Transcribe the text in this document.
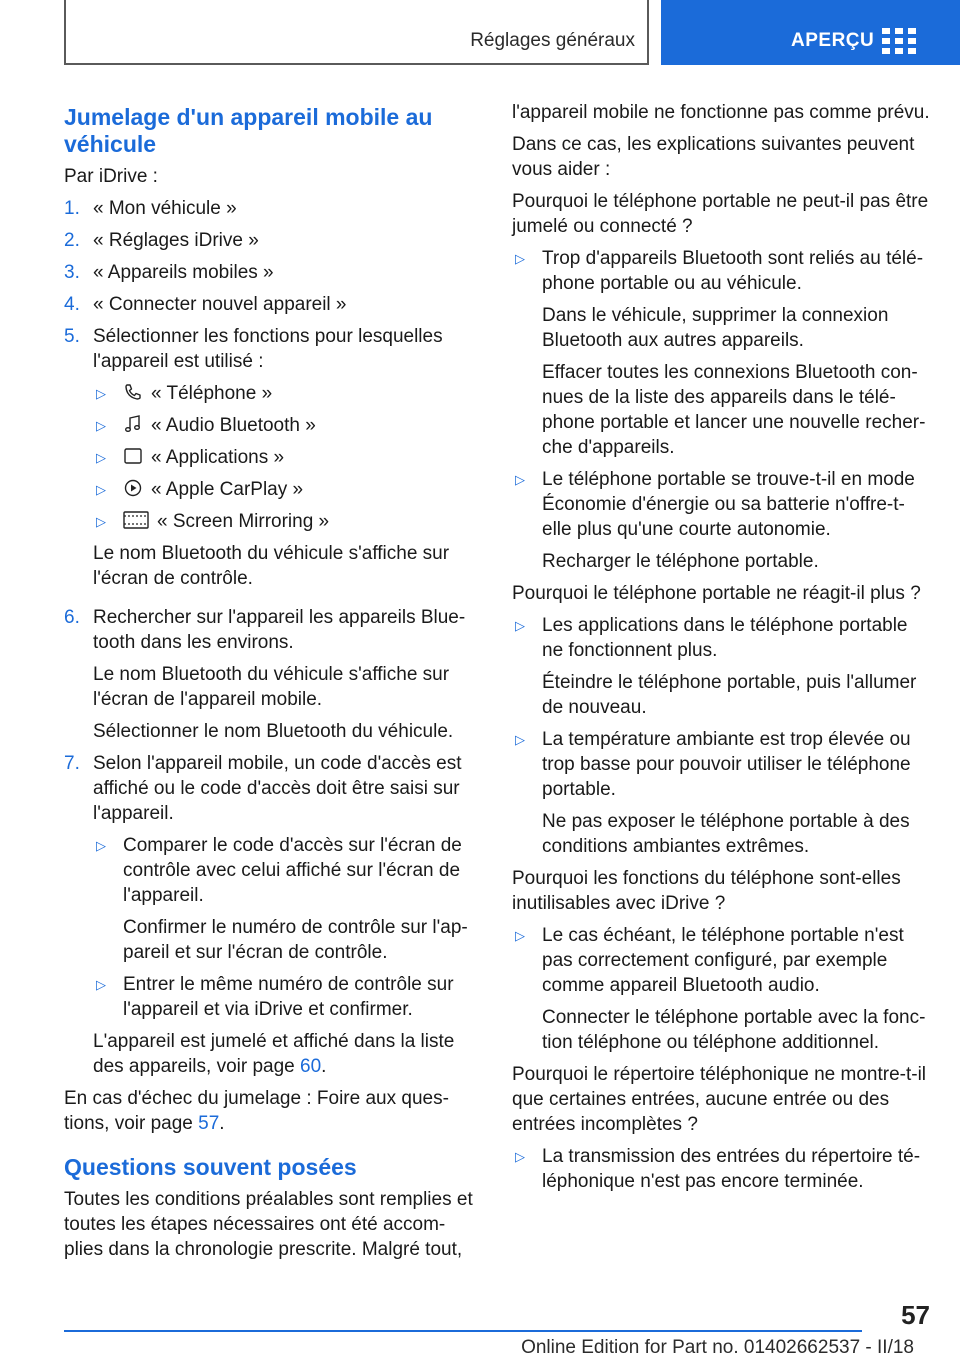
Réglages généraux	APERÇU
Jumelage d'un appareil mobile au véhicule

Par iDrive :

1. « Mon véhicule »
2. « Réglages iDrive »
3. « Appareils mobiles »
4. « Connecter nouvel appareil »
5. Sélectionner les fonctions pour lesquelles l'appareil est utilisé :

▷	« Téléphone »
▷	« Audio Bluetooth »
▷	« Applications »
▷	« Apple CarPlay »
▷	« Screen Mirroring »

Le nom Bluetooth du véhicule s'affiche sur l'écran de contrôle.

6. Rechercher sur l'appareil les appareils Blue-tooth dans les environs.

Le nom Bluetooth du véhicule s'affiche sur l'écran de l'appareil mobile.

Sélectionner le nom Bluetooth du véhicule.

7. Selon l'appareil mobile, un code d'accès est affiché ou le code d'accès doit être saisi sur l'appareil.

▷ Comparer le code d'accès sur l'écran de contrôle avec celui affiché sur l'écran de l'appareil.

Confirmer le numéro de contrôle sur l'ap-pareil et sur l'écran de contrôle.

▷ Entrer le même numéro de contrôle sur l'appareil et via iDrive et confirmer.

L'appareil est jumelé et affiché dans la liste des appareils, voir page 60.

En cas d'échec du jumelage : Foire aux ques-tions, voir page 57.

Questions souvent posées

Toutes les conditions préalables sont remplies et toutes les étapes nécessaires ont été accom-plies dans la chronologie prescrite. Malgré tout,

l'appareil mobile ne fonctionne pas comme prévu.

Dans ce cas, les explications suivantes peuvent vous aider :

Pourquoi le téléphone portable ne peut-il pas être jumelé ou connecté ?

▷ Trop d'appareils Bluetooth sont reliés au télé-phone portable ou au véhicule.

Dans le véhicule, supprimer la connexion Bluetooth aux autres appareils.

Effacer toutes les connexions Bluetooth con-nues de la liste des appareils dans le télé-phone portable et lancer une nouvelle recher-che d'appareils.

▷ Le téléphone portable se trouve-t-il en mode Économie d'énergie ou sa batterie n'offre-t-elle plus qu'une courte autonomie.

Recharger le téléphone portable.

Pourquoi le téléphone portable ne réagit-il plus ?

▷ Les applications dans le téléphone portable ne fonctionnent plus.

Éteindre le téléphone portable, puis l'allumer de nouveau.

▷ La température ambiante est trop élevée ou trop basse pour pouvoir utiliser le téléphone portable.

Ne pas exposer le téléphone portable à des conditions ambiantes extrêmes.

Pourquoi les fonctions du téléphone sont-elles inutilisables avec iDrive ?

▷ Le cas échéant, le téléphone portable n'est pas correctement configuré, par exemple comme appareil Bluetooth audio.

Connecter le téléphone portable avec la fonc-tion téléphone ou téléphone additionnel.

Pourquoi le répertoire téléphonique ne montre-t-il que certaines entrées, aucune entrée ou des entrées incomplètes ?

▷ La transmission des entrées du répertoire té-léphonique n'est pas encore terminée.

57
Online Edition for Part no. 01402662537 - II/18
